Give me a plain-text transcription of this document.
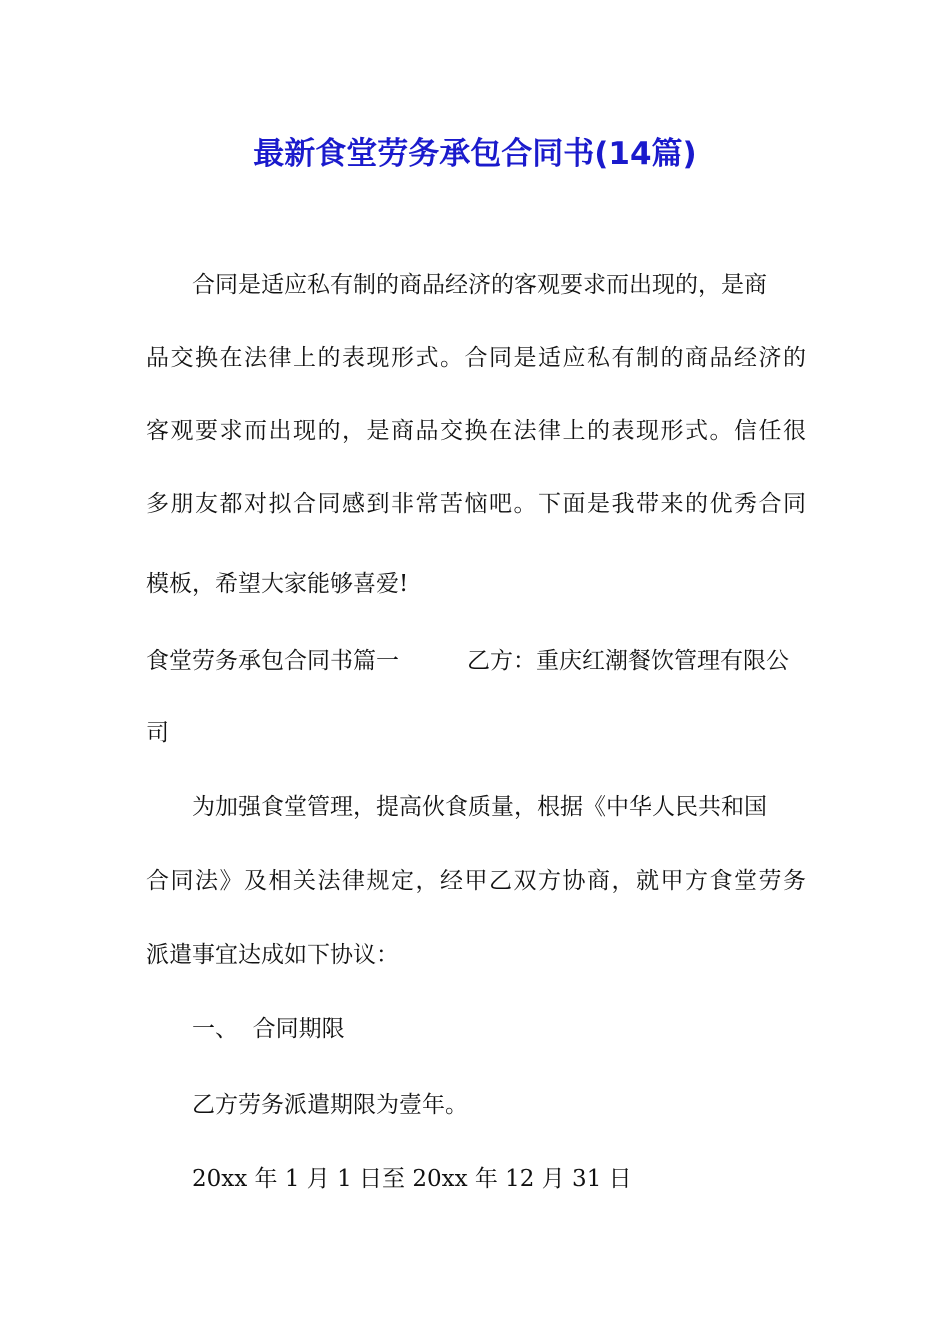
最新食堂劳务承包合同书(14篇)
合同是适应私有制的商品经济的客观要求而出现的，是商
品交换在法律上的表现形式。合同是适应私有制的商品经济的
客观要求而出现的，是商品交换在法律上的表现形式。信任很
多朋友都对拟合同感到非常苦恼吧。下面是我带来的优秀合同
模板，希望大家能够喜爱!
食堂劳务承包合同书篇一	乙方：重庆红潮餐饮管理有限公
司
为加强食堂管理，提高伙食质量，根据《中华人民共和国
合同法》及相关法律规定，经甲乙双方协商，就甲方食堂劳务
派遣事宜达成如下协议：
一、  合同期限
乙方劳务派遣期限为壹年。
20xx 年 1 月 1 日至 20xx 年 12 月 31 日
